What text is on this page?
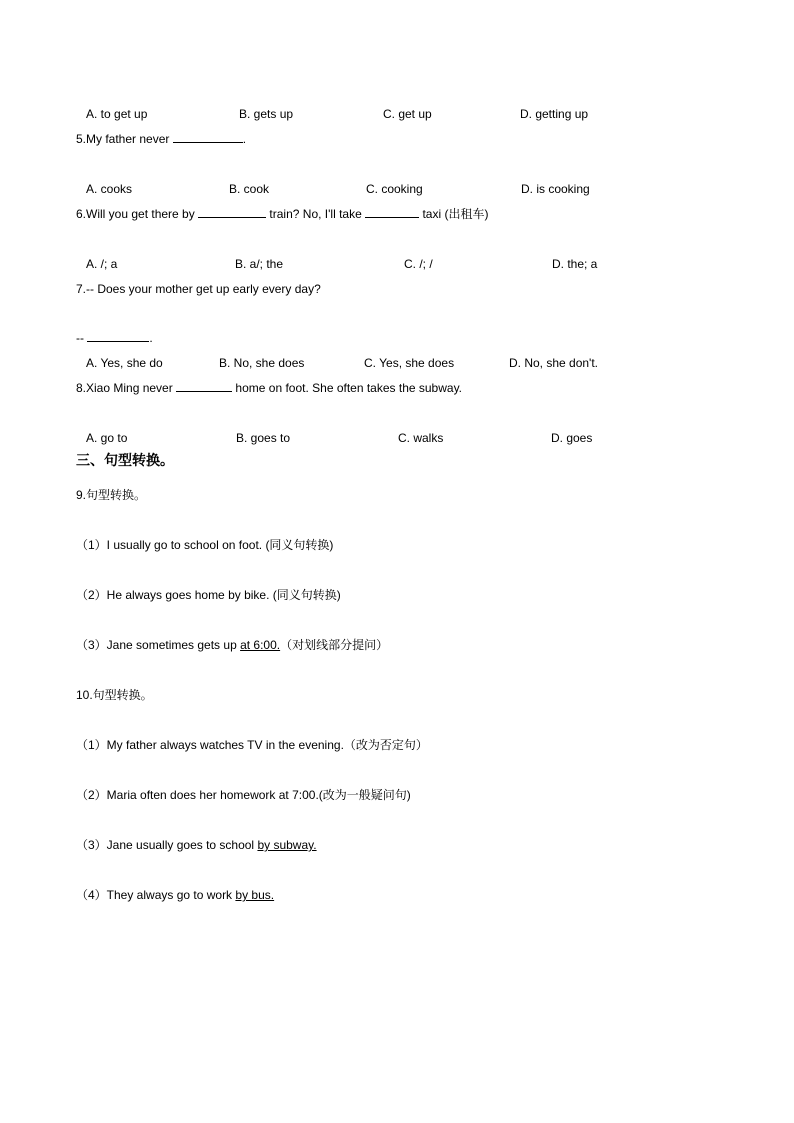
A. to get up	B. gets up	C. get up	D. getting up
5.My father never	.
A. cooks	B. cook	C. cooking	D. is cooking
6.Will you get there by	train? No, I'll take	taxi (出租车)
A. /; a	B. a/; the	C. /; /	D. the; a
7.-- Does your mother get up early every day?
--	.
A. Yes, she do	B. No, she does	C. Yes, she does	D. No, she don't.
8.Xiao Ming never	home on foot. She often takes the subway.
A. go to	B. goes to	C. walks	D. goes
三、句型转换。
9.句型转换。
（1）I usually go to school on foot. (同义句转换)
（2）He always goes home by bike. (同义句转换)
（3）Jane sometimes gets up at 6:00.（对划线部分提问）
10.句型转换。
（1）My father always watches TV in the evening.（改为否定句）
（2）Maria often does her homework at 7:00.(改为一般疑问句)
（3）Jane usually goes to school by subway.
（4）They always go to work by bus.
